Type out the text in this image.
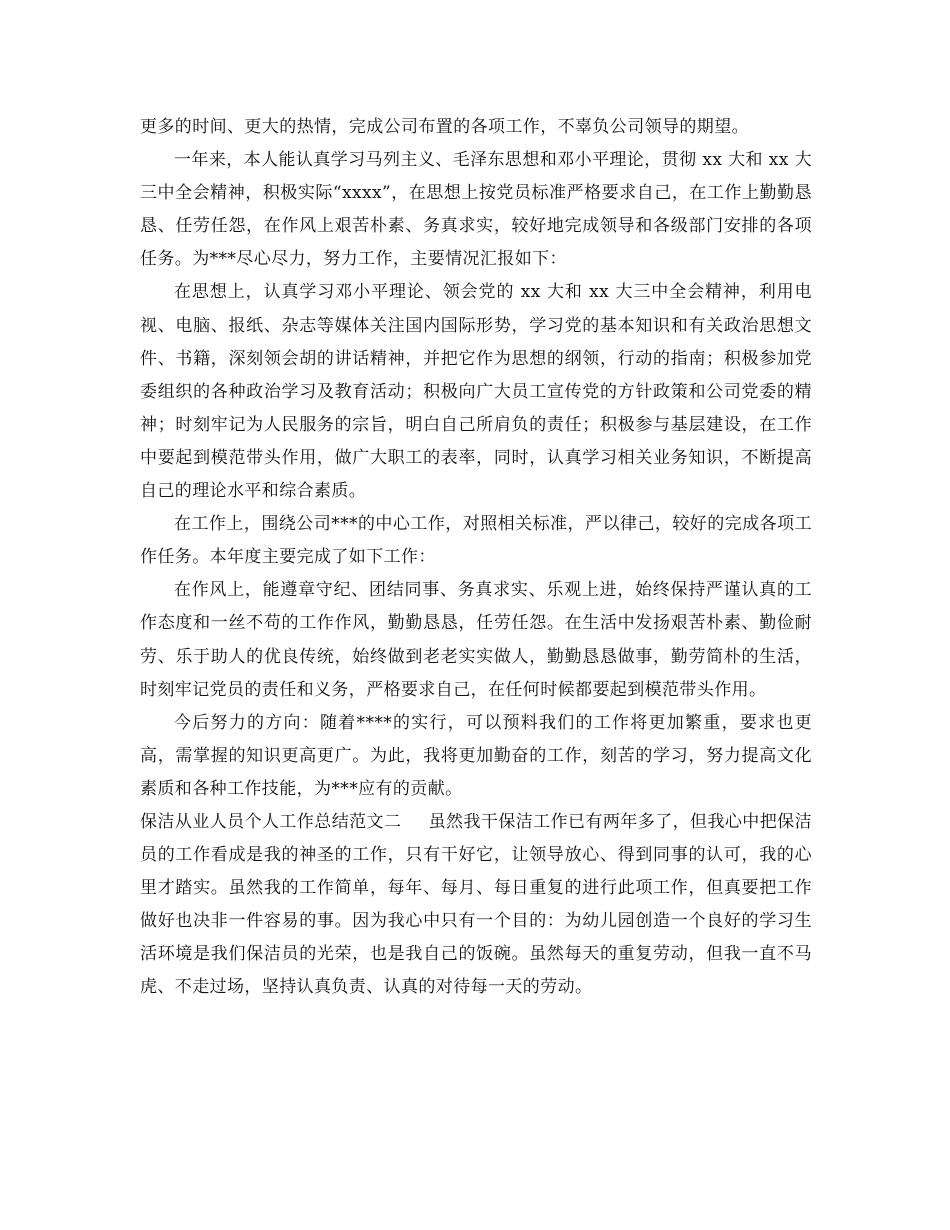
更多的时间、更大的热情，完成公司布置的各项工作，不辜负公司领导的期望。

一年来，本人能认真学习马列主义、毛泽东思想和邓小平理论，贯彻 xx 大和 xx 大三中全会精神，积极实际“xxxx”，在思想上按党员标准严格要求自己，在工作上勤勤恳恳、任劳任怨，在作风上艰苦朴素、务真求实，较好地完成领导和各级部门安排的各项任务。为***尽心尽力，努力工作，主要情况汇报如下：

在思想上，认真学习邓小平理论、领会党的 xx 大和 xx 大三中全会精神，利用电视、电脑、报纸、杂志等媒体关注国内国际形势，学习党的基本知识和有关政治思想文件、书籍，深刻领会胡的讲话精神，并把它作为思想的纲领，行动的指南；积极参加党委组织的各种政治学习及教育活动；积极向广大员工宣传党的方针政策和公司党委的精神；时刻牢记为人民服务的宗旨，明白自己所肩负的责任；积极参与基层建设，在工作中要起到模范带头作用，做广大职工的表率，同时，认真学习相关业务知识，不断提高自己的理论水平和综合素质。

在工作上，围绕公司***的中心工作，对照相关标准，严以律己，较好的完成各项工作任务。本年度主要完成了如下工作：

在作风上，能遵章守纪、团结同事、务真求实、乐观上进，始终保持严谨认真的工作态度和一丝不苟的工作作风，勤勤恳恳，任劳任怨。在生活中发扬艰苦朴素、勤俭耐劳、乐于助人的优良传统，始终做到老老实实做人，勤勤恳恳做事，勤劳简朴的生活，时刻牢记党员的责任和义务，严格要求自己，在任何时候都要起到模范带头作用。

今后努力的方向：随着****的实行，可以预料我们的工作将更加繁重，要求也更高，需掌握的知识更高更广。为此，我将更加勤奋的工作，刻苦的学习，努力提高文化素质和各种工作技能，为***应有的贡献。

保洁从业人员个人工作总结范文二 虽然我干保洁工作已有两年多了，但我心中把保洁员的工作看成是我的神圣的工作，只有干好它，让领导放心、得到同事的认可，我的心里才踏实。虽然我的工作简单，每年、每月、每日重复的进行此项工作，但真要把工作做好也决非一件容易的事。因为我心中只有一个目的：为幼儿园创造一个良好的学习生活环境是我们保洁员的光荣，也是我自己的饭碗。虽然每天的重复劳动，但我一直不马虎、不走过场，坚持认真负责、认真的对待每一天的劳动。
